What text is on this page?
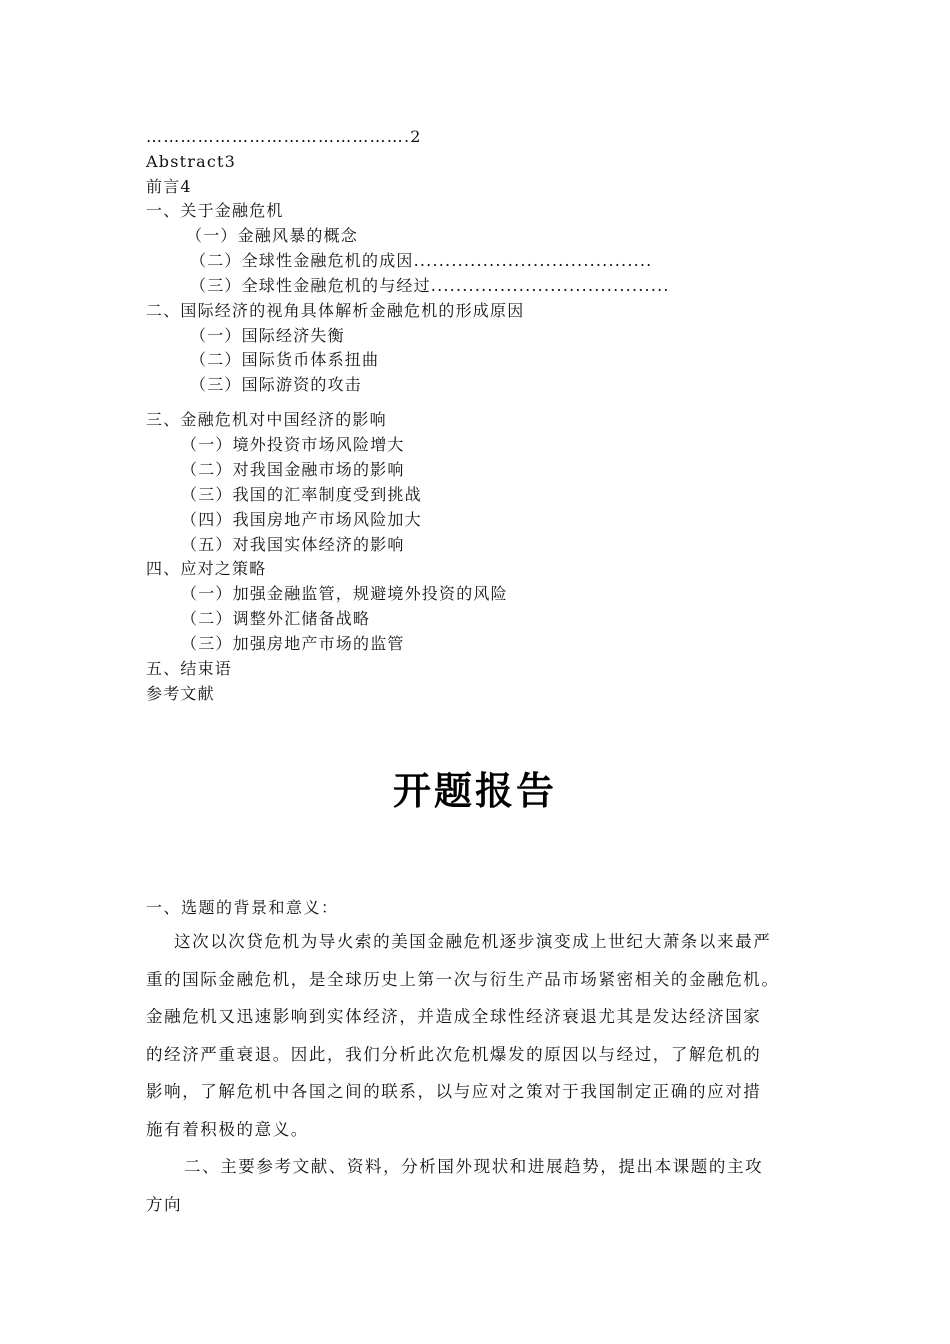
……………………………………….2
Abstract3
前言4
一、关于金融危机
（一）金融风暴的概念
（二）全球性金融危机的成因......................................
（三）全球性金融危机的与经过......................................
二、国际经济的视角具体解析金融危机的形成原因
（一）国际经济失衡
（二）国际货币体系扭曲
（三）国际游资的攻击
三、金融危机对中国经济的影响
（一）境外投资市场风险增大
（二）对我国金融市场的影响
（三）我国的汇率制度受到挑战
（四）我国房地产市场风险加大
（五）对我国实体经济的影响
四、应对之策略
（一）加强金融监管，规避境外投资的风险
（二）调整外汇储备战略
（三）加强房地产市场的监管
五、结束语
参考文献
开题报告
一、选题的背景和意义：
这次以次贷危机为导火索的美国金融危机逐步演变成上世纪大萧条以来最严
重的国际金融危机，是全球历史上第一次与衍生产品市场紧密相关的金融危机。
金融危机又迅速影响到实体经济，并造成全球性经济衰退尤其是发达经济国家
的经济严重衰退。因此，我们分析此次危机爆发的原因以与经过，了解危机的
影响，了解危机中各国之间的联系，以与应对之策对于我国制定正确的应对措
施有着积极的意义。
二、主要参考文献、资料，分析国外现状和进展趋势，提出本课题的主攻
方向
